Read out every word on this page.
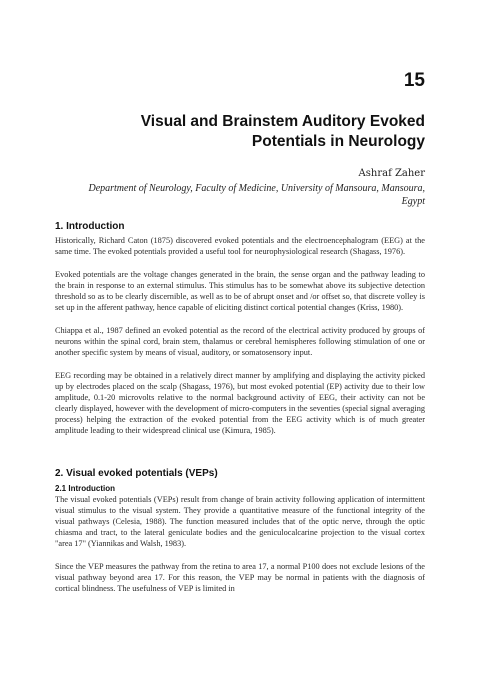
15
Visual and Brainstem Auditory Evoked
Potentials in Neurology
Ashraf Zaher
Department of Neurology, Faculty of Medicine, University of Mansoura, Mansoura,
Egypt
1. Introduction

Historically, Richard Caton (1875) discovered evoked potentials and the electroencephalogram (EEG) at the same time. The evoked potentials provided a useful tool for neurophysiological research (Shagass, 1976).

Evoked potentials are the voltage changes generated in the brain, the sense organ and the pathway leading to the brain in response to an external stimulus. This stimulus has to be somewhat above its subjective detection threshold so as to be clearly discernible, as well as to be of abrupt onset and /or offset so, that discrete volley is set up in the afferent pathway, hence capable of eliciting distinct cortical potential changes (Kriss, 1980).

Chiappa et al., 1987 defined an evoked potential as the record of the electrical activity produced by groups of neurons within the spinal cord, brain stem, thalamus or cerebral hemispheres following stimulation of one or another specific system by means of visual, auditory, or somatosensory input.

EEG recording may be obtained in a relatively direct manner by amplifying and displaying the activity picked up by electrodes placed on the scalp (Shagass, 1976), but most evoked potential (EP) activity due to their low amplitude, 0.1-20 microvolts relative to the normal background activity of EEG, their activity can not be clearly displayed, however with the development of micro-computers in the seventies (special signal averaging process) helping the extraction of the evoked potential from the EEG activity which is of much greater amplitude leading to their widespread clinical use (Kimura, 1985).

2. Visual evoked potentials (VEPs)
2.1 Introduction

The visual evoked potentials (VEPs) result from change of brain activity following application of intermittent visual stimulus to the visual system. They provide a quantitative measure of the functional integrity of the visual pathways (Celesia, 1988). The function measured includes that of the optic nerve, through the optic chiasma and tract, to the lateral geniculate bodies and the geniculocalcarine projection to the visual cortex "area 17" (Yiannikas and Walsh, 1983).

Since the VEP measures the pathway from the retina to area 17, a normal P100 does not exclude lesions of the visual pathway beyond area 17. For this reason, the VEP may be normal in patients with the diagnosis of cortical blindness. The usefulness of VEP is limited in
